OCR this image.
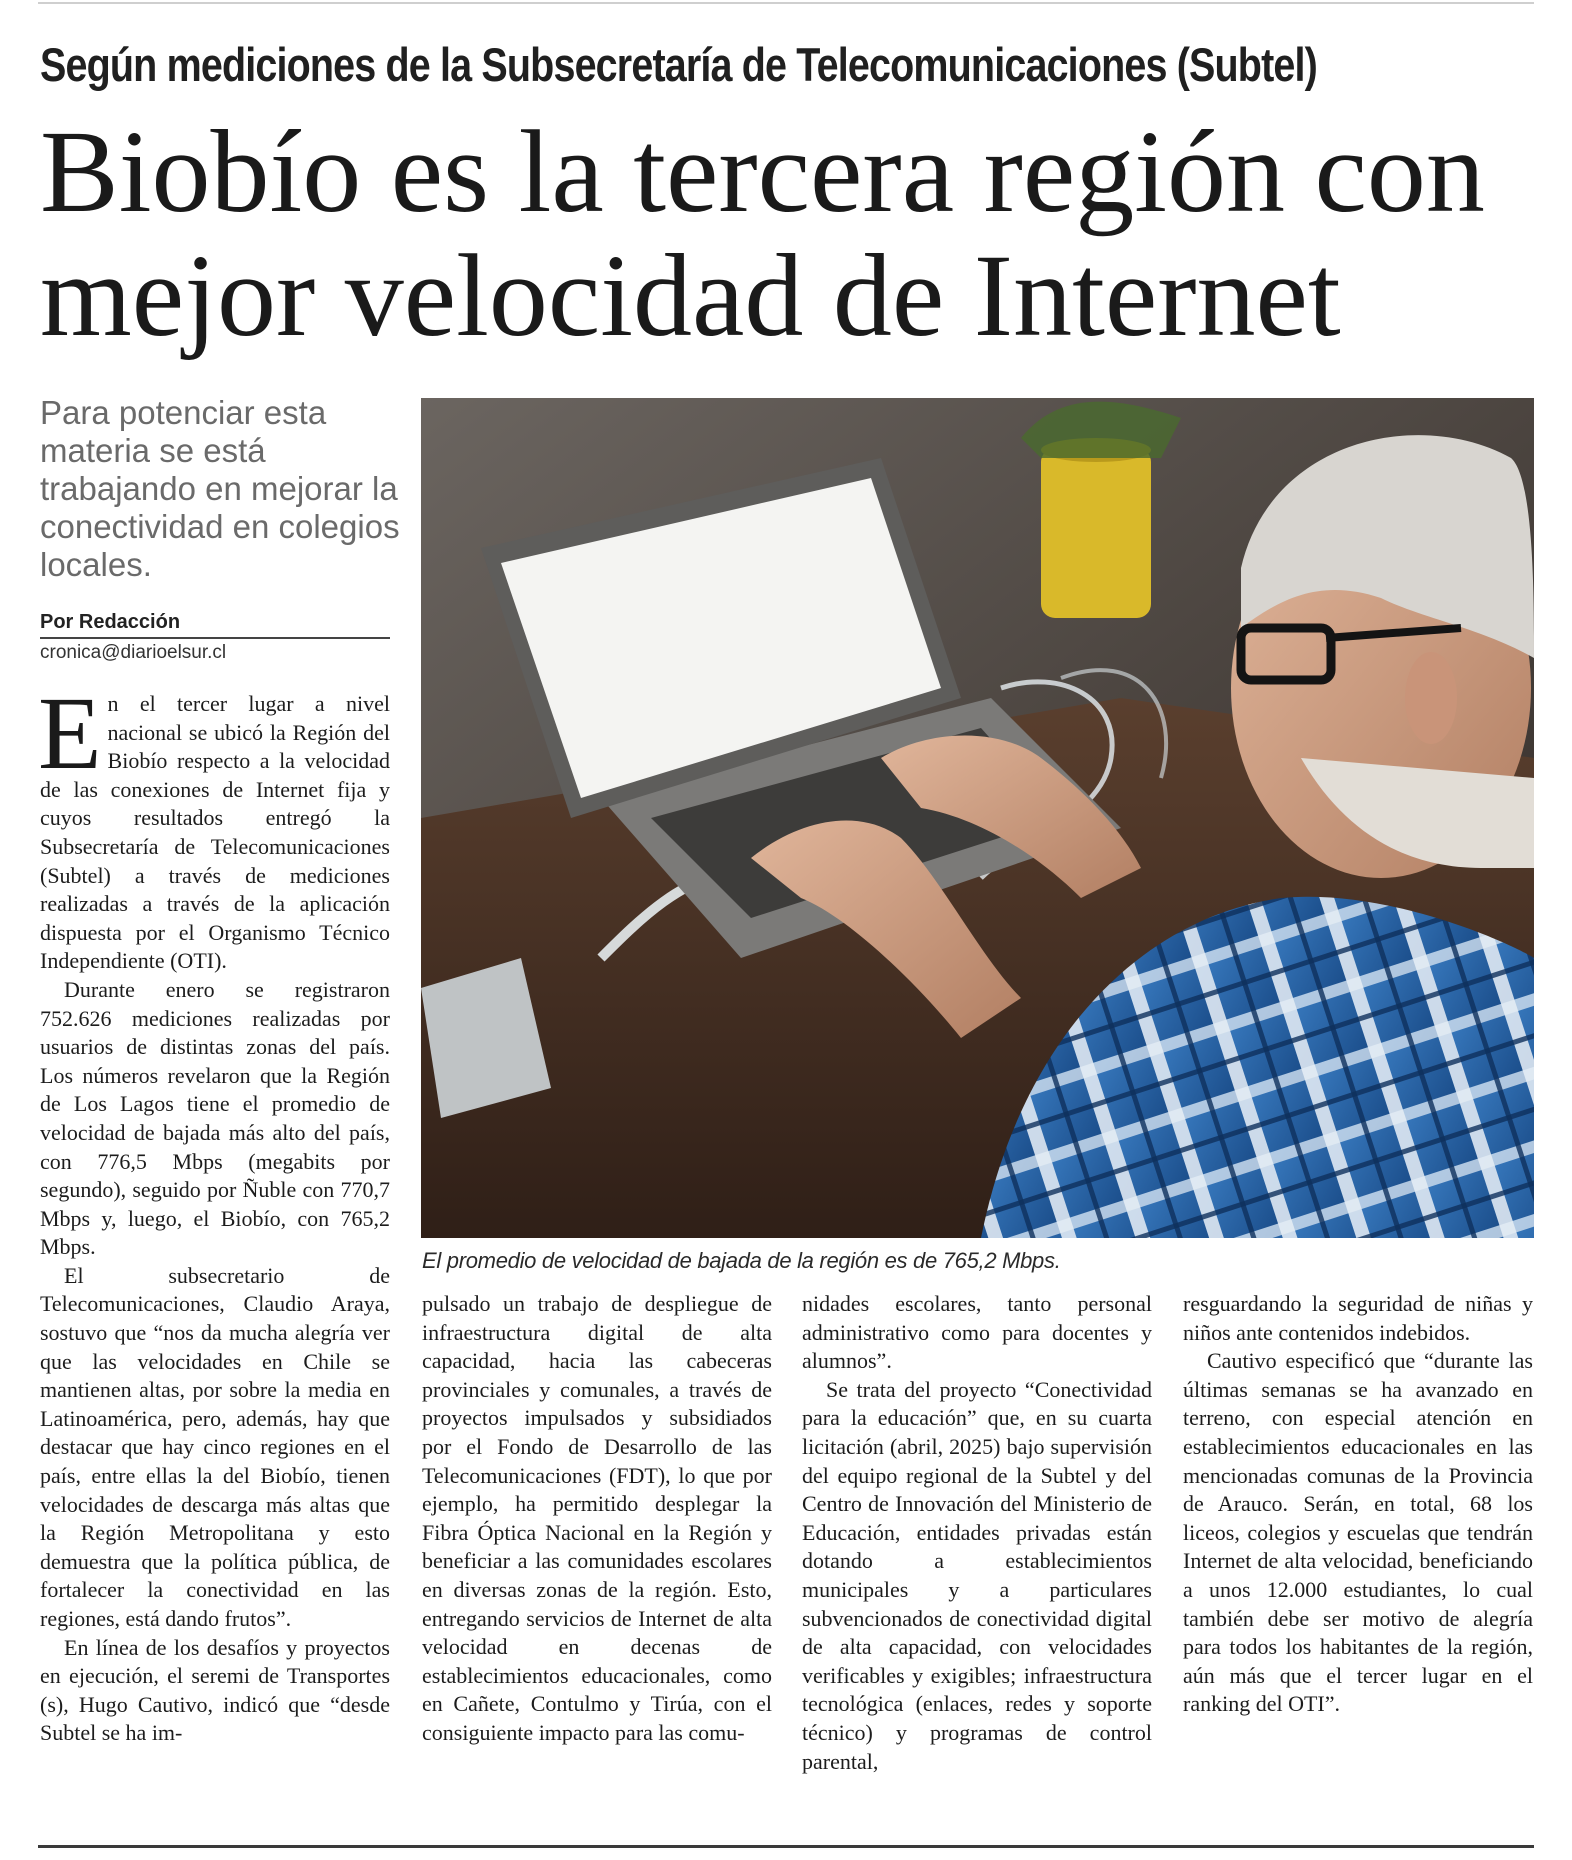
Según mediciones de la Subsecretaría de Telecomunicaciones (Subtel)
Biobío es la tercera región con
mejor velocidad de Internet
Para potenciar esta materia se está trabajando en mejorar la conectividad en colegios locales.
Por Redacción
cronica@diarioelsur.cl

En el tercer lugar a nivel nacional se ubicó la Región del Biobío respecto a la velocidad de las conexiones de Internet fija y cuyos resultados entregó la Subsecretaría de Telecomunicaciones (Subtel) a través de mediciones realizadas a través de la aplicación dispuesta por el Organismo Técnico Independiente (OTI).

Durante enero se registraron 752.626 mediciones realizadas por usuarios de distintas zonas del país. Los números revelaron que la Región de Los Lagos tiene el promedio de velocidad de bajada más alto del país, con 776,5 Mbps (megabits por segundo), seguido por Ñuble con 770,7 Mbps y, luego, el Biobío, con 765,2 Mbps.

El subsecretario de Telecomunicaciones, Claudio Araya, sostuvo que “nos da mucha alegría ver que las velocidades en Chile se mantienen altas, por sobre la media en Latinoamérica, pero, además, hay que destacar que hay cinco regiones en el país, entre ellas la del Biobío, tienen velocidades de descarga más altas que la Región Metropolitana y esto demuestra que la política pública, de fortalecer la conectividad en las regiones, está dando frutos”.

En línea de los desafíos y proyectos en ejecución, el seremi de Transportes (s), Hugo Cautivo, indicó que “desde Subtel se ha im-

El promedio de velocidad de bajada de la región es de 765,2 Mbps.

pulsado un trabajo de despliegue de infraestructura digital de alta capacidad, hacia las cabeceras provinciales y comunales, a través de proyectos impulsados y subsidiados por el Fondo de Desarrollo de las Telecomunicaciones (FDT), lo que por ejemplo, ha permitido desplegar la Fibra Óptica Nacional en la Región y beneficiar a las comunidades escolares en diversas zonas de la región. Esto, entregando servicios de Internet de alta velocidad en decenas de establecimientos educacionales, como en Cañete, Contulmo y Tirúa, con el consiguiente impacto para las comu-

nidades escolares, tanto personal administrativo como para docentes y alumnos”.

Se trata del proyecto “Conectividad para la educación” que, en su cuarta licitación (abril, 2025) bajo supervisión del equipo regional de la Subtel y del Centro de Innovación del Ministerio de Educación, entidades privadas están dotando a establecimientos municipales y a particulares subvencionados de conectividad digital de alta capacidad, con velocidades verificables y exigibles; infraestructura tecnológica (enlaces, redes y soporte técnico) y programas de control parental,

resguardando la seguridad de niñas y niños ante contenidos indebidos.

Cautivo especificó que “durante las últimas semanas se ha avanzado en terreno, con especial atención en establecimientos educacionales en las mencionadas comunas de la Provincia de Arauco. Serán, en total, 68 los liceos, colegios y escuelas que tendrán Internet de alta velocidad, beneficiando a unos 12.000 estudiantes, lo cual también debe ser motivo de alegría para todos los habitantes de la región, aún más que el tercer lugar en el ranking del OTI”.
